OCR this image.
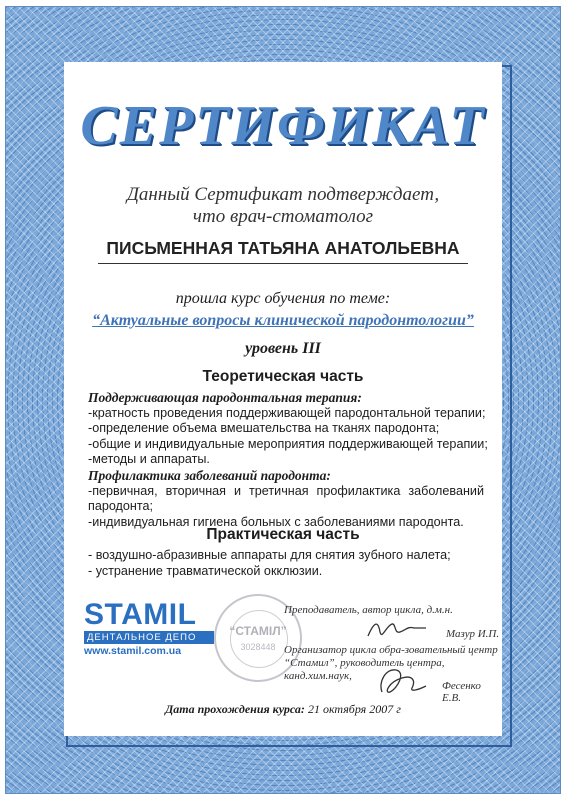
СЕРТИФИКАТ
Данный Сертификат подтверждает,
что врач-стоматолог
ПИСЬМЕННАЯ ТАТЬЯНА АНАТОЛЬЕВНА
прошла курс обучения по теме:
“Актуальные вопросы клинической пародонтологии”
уровень III
Теоретическая часть
Поддерживающая пародонтальная терапия:
-кратность проведения поддерживающей пародонтальной терапии;
-определение объема вмешательства на тканях пародонта;
-общие и индивидуальные мероприятия поддерживающей терапии;
-методы и аппараты.
Профилактика заболеваний пародонта:
-первичная, вторичная и третичная профилактика заболеваний пародонта;
-индивидуальная гигиена больных с заболеваниями пародонта.
Практическая часть
- воздушно-абразивные аппараты для снятия зубного налета;
- устранение травматической окклюзии.
STAMIL
ДЕНТАЛЬНОЕ ДЕПО
www.stamil.com.ua
“СТАМІЛ”
3028448
Преподаватель, автор цикла, д.м.н.
Мазур И.П.
Организатор цикла обра-зовательный центр
“Стамил”, руководитель центра, канд.хим.наук,
Фесенко Е.В.
Дата прохождения курса: 21 октября 2007 г
